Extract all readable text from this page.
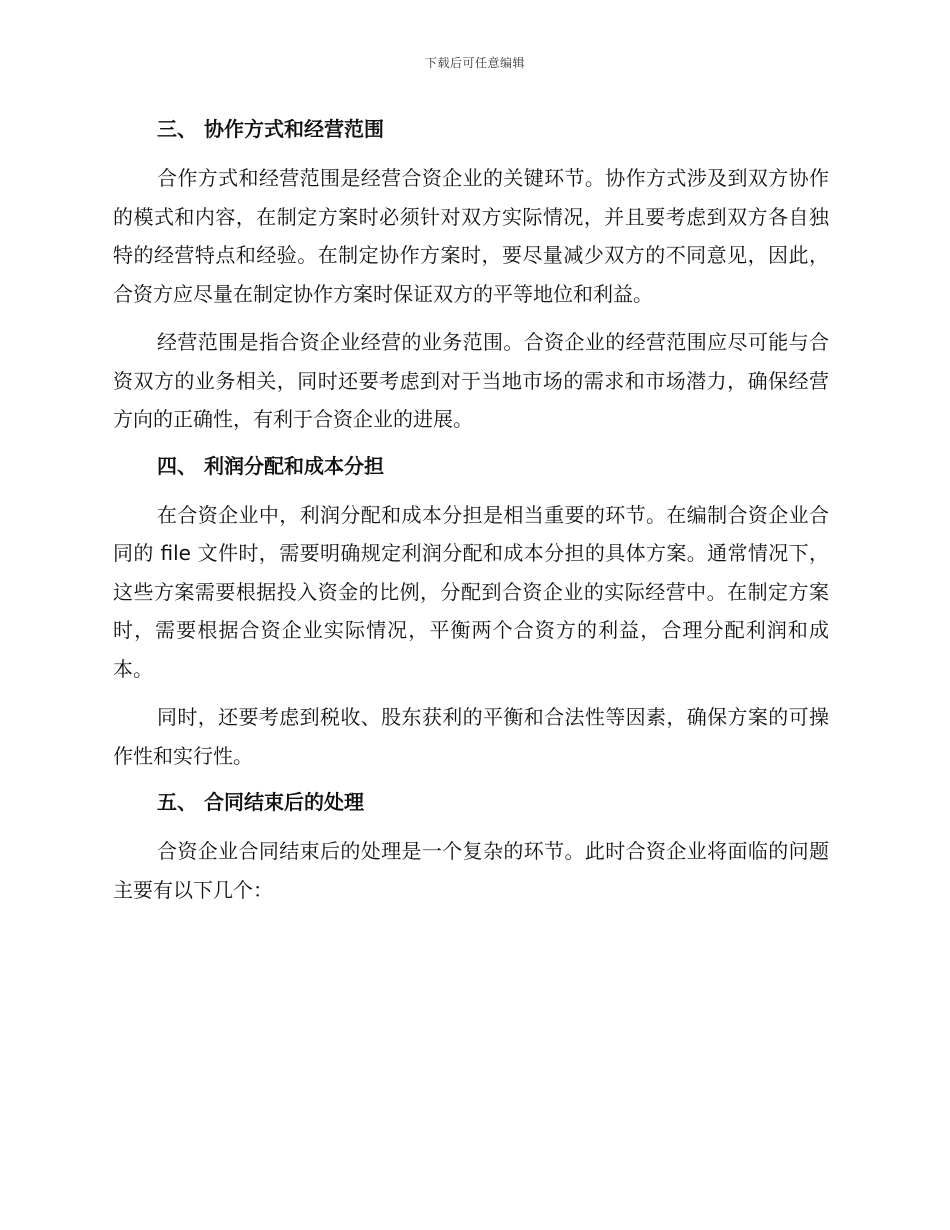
下载后可任意编辑
三、 协作方式和经营范围

合作方式和经营范围是经营合资企业的关键环节。协作方式涉及到双方协作的模式和内容，在制定方案时必须针对双方实际情况，并且要考虑到双方各自独特的经营特点和经验。在制定协作方案时，要尽量减少双方的不同意见，因此，合资方应尽量在制定协作方案时保证双方的平等地位和利益。

经营范围是指合资企业经营的业务范围。合资企业的经营范围应尽可能与合资双方的业务相关，同时还要考虑到对于当地市场的需求和市场潜力，确保经营方向的正确性，有利于合资企业的进展。

四、 利润分配和成本分担

在合资企业中，利润分配和成本分担是相当重要的环节。在编制合资企业合同的 file 文件时，需要明确规定利润分配和成本分担的具体方案。通常情况下，这些方案需要根据投入资金的比例，分配到合资企业的实际经营中。在制定方案时，需要根据合资企业实际情况，平衡两个合资方的利益，合理分配利润和成本。

同时，还要考虑到税收、股东获利的平衡和合法性等因素，确保方案的可操作性和实行性。

五、 合同结束后的处理

合资企业合同结束后的处理是一个复杂的环节。此时合资企业将面临的问题主要有以下几个：
